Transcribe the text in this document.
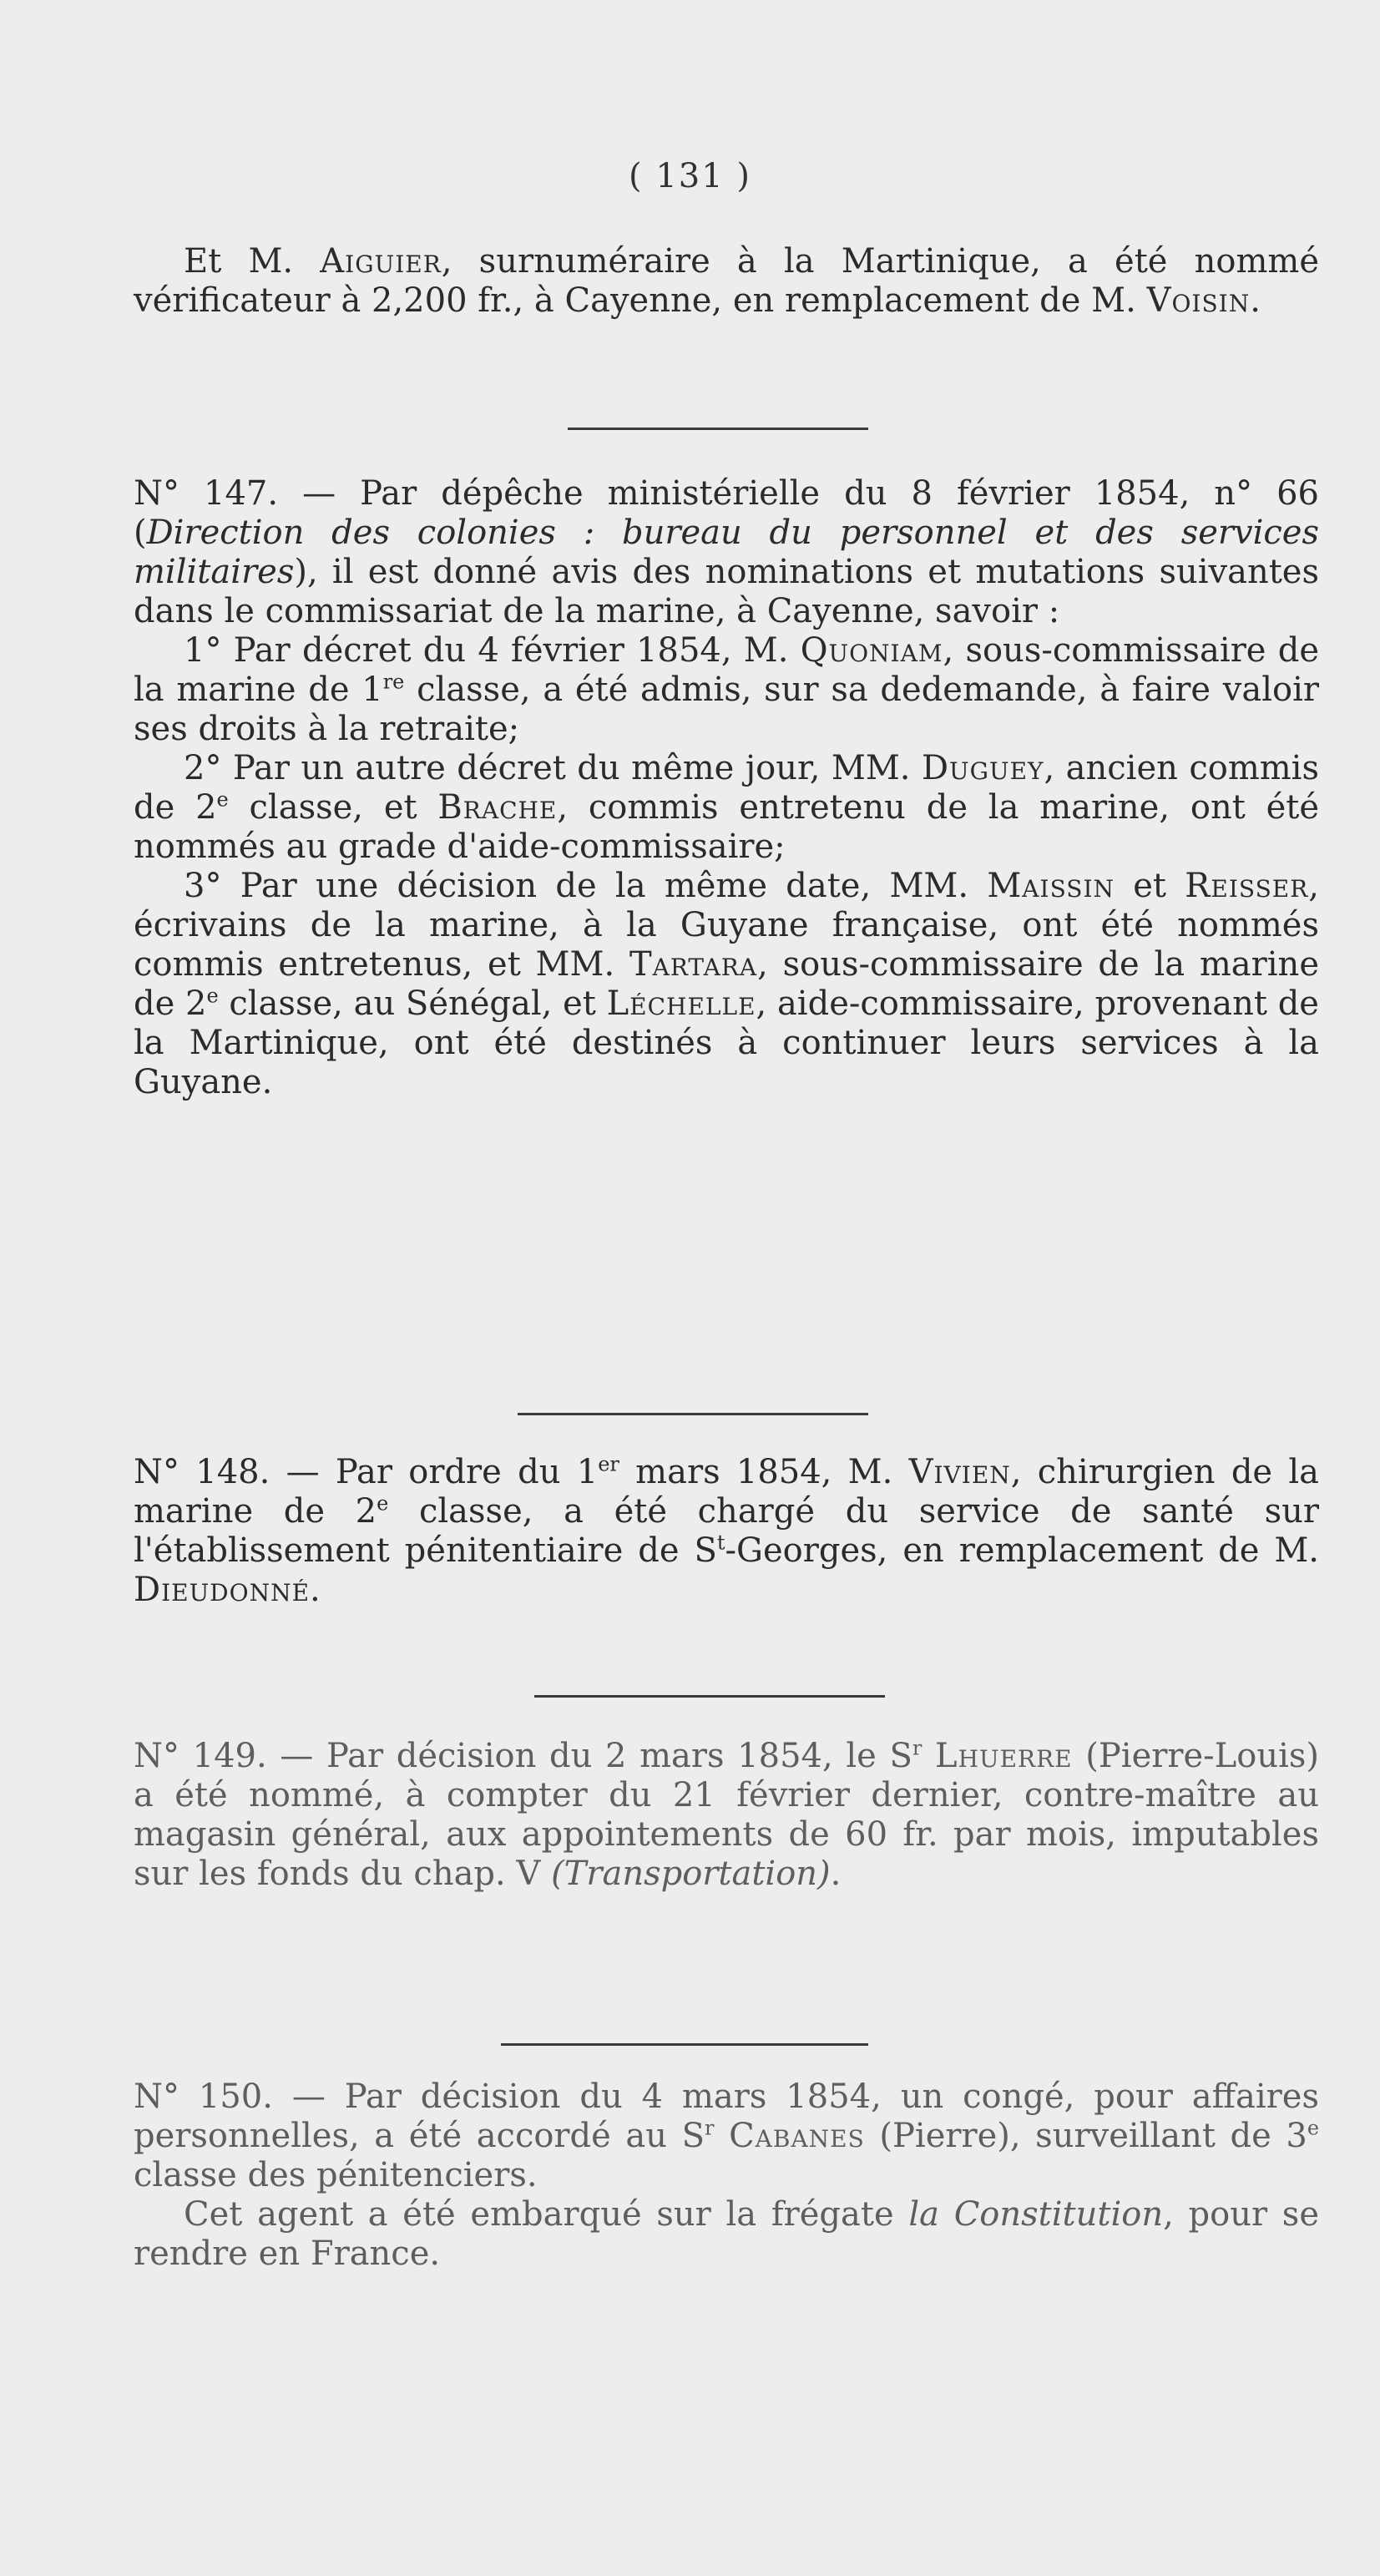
( 131 )

Et M. Aiguier, surnuméraire à la Martinique, a été nommé vérificateur à 2,200 fr., à Cayenne, en remplacement de M. Voisin.

N° 147. — Par dépêche ministérielle du 8 février 1854, n° 66 (Direction des colonies : bureau du personnel et des services militaires), il est donné avis des nominations et mutations suivantes dans le commissariat de la marine, à Cayenne, savoir :

1° Par décret du 4 février 1854, M. Quoniam, sous-commissaire de la marine de 1re classe, a été admis, sur sa dedemande, à faire valoir ses droits à la retraite;

2° Par un autre décret du même jour, MM. Duguey, ancien commis de 2e classe, et Brache, commis entretenu de la marine, ont été nommés au grade d'aide-commissaire;

3° Par une décision de la même date, MM. Maissin et Reisser, écrivains de la marine, à la Guyane française, ont été nommés commis entretenus, et MM. Tartara, sous-commissaire de la marine de 2e classe, au Sénégal, et Léchelle, aide-commissaire, provenant de la Martinique, ont été destinés à continuer leurs services à la Guyane.

N° 148. — Par ordre du 1er mars 1854, M. Vivien, chirurgien de la marine de 2e classe, a été chargé du service de santé sur l'établissement pénitentiaire de $S^t$-Georges, en remplacement de M. Dieudonné.

N° 149. — Par décision du 2 mars 1854, le $S^r$ Lhuerre (Pierre-Louis) a été nommé, à compter du 21 février dernier, contre-maître au magasin général, aux appointements de 60 fr. par mois, imputables sur les fonds du chap. V (Transportation).

N° 150. — Par décision du 4 mars 1854, un congé, pour affaires personnelles, a été accordé au $S^r$ Cabanes (Pierre), surveillant de 3e classe des pénitenciers.

Cet agent a été embarqué sur la frégate la Constitution, pour se rendre en France.
